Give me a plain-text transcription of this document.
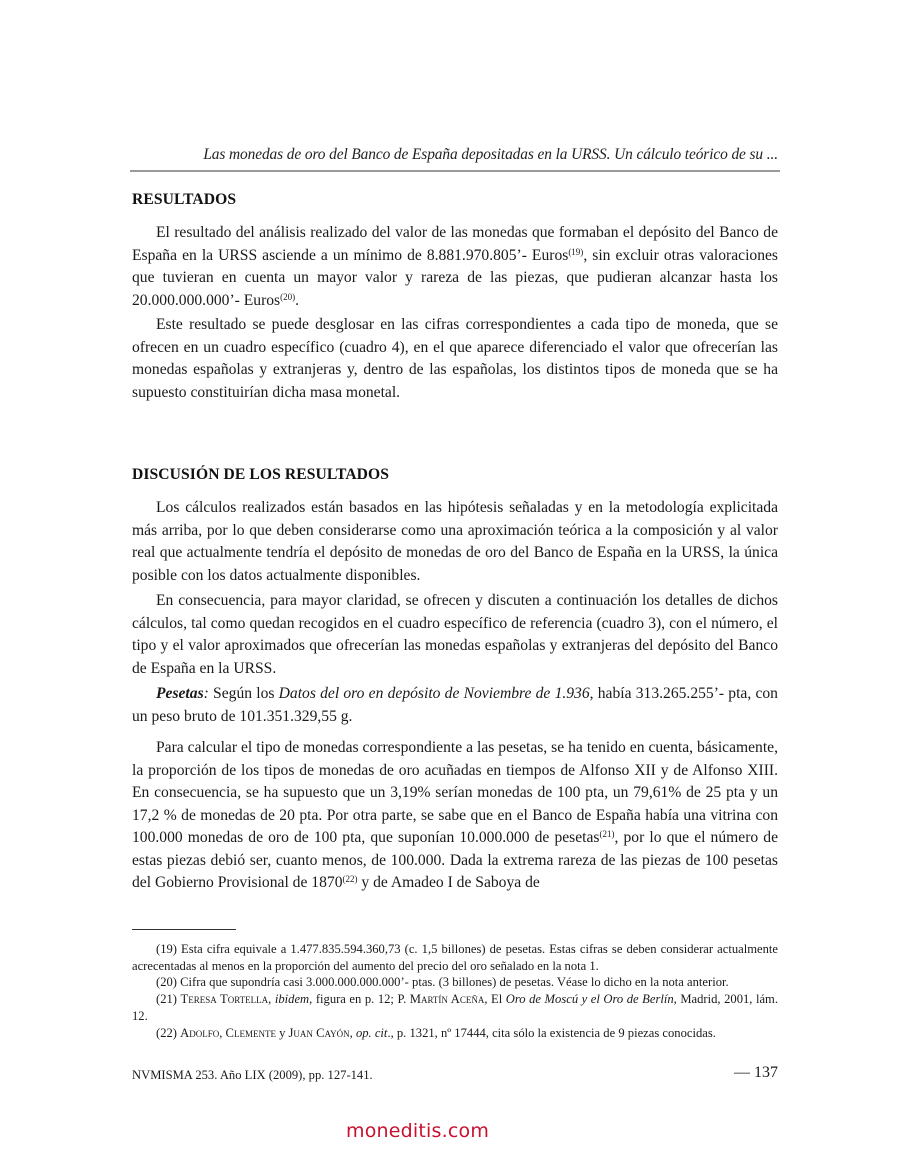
Las monedas de oro del Banco de España depositadas en la URSS. Un cálculo teórico de su ...
RESULTADOS

El resultado del análisis realizado del valor de las monedas que formaban el depósito del Banco de España en la URSS asciende a un mínimo de 8.881.970.805’- Euros$^{(19)}$, sin excluir otras valoraciones que tuvieran en cuenta un mayor valor y rareza de las piezas, que pudieran alcanzar hasta los 20.000.000.000’- Euros$^{(20)}$.

Este resultado se puede desglosar en las cifras correspondientes a cada tipo de moneda, que se ofrecen en un cuadro específico (cuadro 4), en el que aparece diferenciado el valor que ofrecerían las monedas españolas y extranjeras y, dentro de las españolas, los distintos tipos de moneda que se ha supuesto constituirían dicha masa monetal.

DISCUSIÓN DE LOS RESULTADOS

Los cálculos realizados están basados en las hipótesis señaladas y en la metodología explicitada más arriba, por lo que deben considerarse como una aproximación teórica a la composición y al valor real que actualmente tendría el depósito de monedas de oro del Banco de España en la URSS, la única posible con los datos actualmente disponibles.

En consecuencia, para mayor claridad, se ofrecen y discuten a continuación los detalles de dichos cálculos, tal como quedan recogidos en el cuadro específico de referencia (cuadro 3), con el número, el tipo y el valor aproximados que ofrecerían las monedas españolas y extranjeras del depósito del Banco de España en la URSS.

Pesetas: Según los Datos del oro en depósito de Noviembre de 1.936, había 313.265.255’- pta, con un peso bruto de 101.351.329,55 g.

Para calcular el tipo de monedas correspondiente a las pesetas, se ha tenido en cuenta, básicamente, la proporción de los tipos de monedas de oro acuñadas en tiempos de Alfonso XII y de Alfonso XIII. En consecuencia, se ha supuesto que un 3,19% serían monedas de 100 pta, un 79,61% de 25 pta y un 17,2 % de monedas de 20 pta. Por otra parte, se sabe que en el Banco de España había una vitrina con 100.000 monedas de oro de 100 pta, que suponían 10.000.000 de pesetas$^{(21)}$, por lo que el número de estas piezas debió ser, cuanto menos, de 100.000. Dada la extrema rareza de las piezas de 100 pesetas del Gobierno Provisional de 1870$^{(22)}$ y de Amadeo I de Saboya de

(19) Esta cifra equivale a 1.477.835.594.360,73 (c. 1,5 billones) de pesetas. Estas cifras se deben considerar actualmente acrecentadas al menos en la proporción del aumento del precio del oro señalado en la nota 1.

(20) Cifra que supondría casi 3.000.000.000.000’- ptas. (3 billones) de pesetas. Véase lo dicho en la nota anterior.

(21) Teresa Tortella, ibidem, figura en p. 12; P. Martín Aceña, El Oro de Moscú y el Oro de Berlín, Madrid, 2001, lám. 12.

(22) Adolfo, Clemente y Juan Cayón, op. cit., p. 1321, nº 17444, cita sólo la existencia de 9 piezas conocidas.

NVMISMA 253. Año LIX (2009), pp. 127-141.	— 137
moneditis.com
